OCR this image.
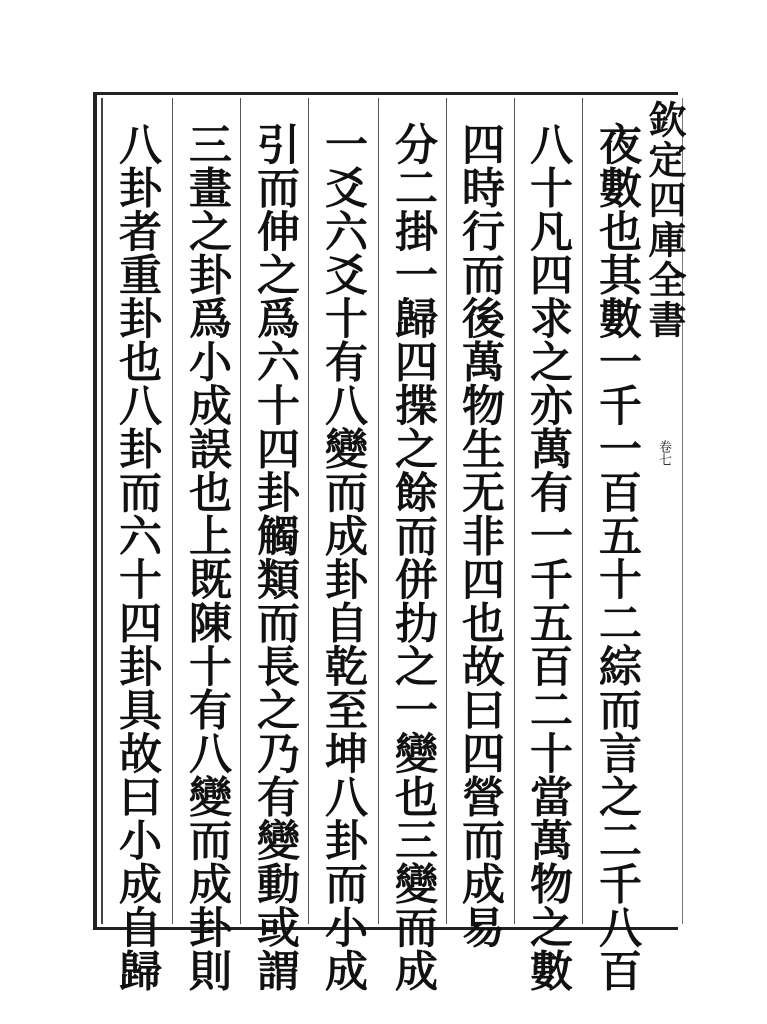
欽定四庫全書
卷七
夜數也其數一千一百五十二綜而言之二千八百
八十凡四求之亦萬有一千五百二十當萬物之數
四時行而後萬物生无非四也故曰四營而成易
分二掛一歸四揲之餘而併扐之一變也三變而成
一爻六爻十有八變而成卦自乾至坤八卦而小成
引而伸之爲六十四卦觸類而長之乃有變動或謂
三畫之卦爲小成誤也上既陳十有八變而成卦則
八卦者重卦也八卦而六十四卦具故曰小成自歸
